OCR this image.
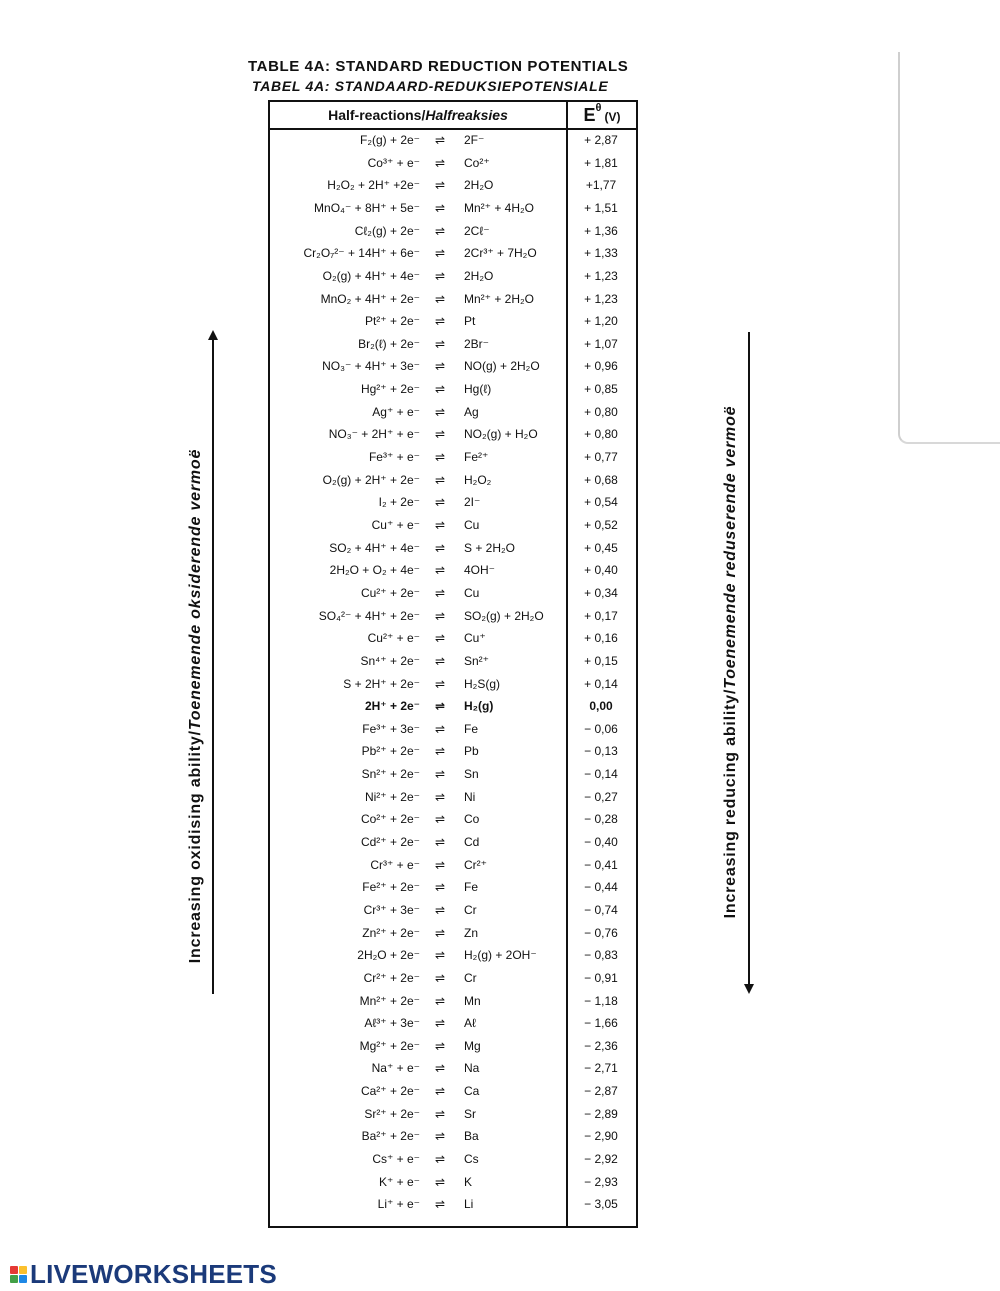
TABLE 4A: STANDARD REDUCTION POTENTIALS
TABEL 4A: STANDAARD-REDUKSIEPOTENSIALE
Half-reactions/ Halfreaksies	E θ
(V)
F₂(g) + 2e⁻	⇌	2F⁻	+ 2,87
Co³⁺ + e⁻	⇌	Co²⁺	+ 1,81
H₂O₂ + 2H⁺ +2e⁻	⇌	2H₂O	+1,77
MnO₄⁻ + 8H⁺ + 5e⁻	⇌	Mn²⁺ + 4H₂O	+ 1,51
Cℓ₂(g) + 2e⁻	⇌	2Cℓ⁻	+ 1,36
Cr₂O₇²⁻ + 14H⁺ + 6e⁻	⇌	2Cr³⁺ + 7H₂O	+ 1,33
O₂(g) + 4H⁺ + 4e⁻	⇌	2H₂O	+ 1,23
MnO₂ + 4H⁺ + 2e⁻	⇌	Mn²⁺ + 2H₂O	+ 1,23
Pt²⁺ + 2e⁻	⇌	Pt	+ 1,20
Br₂(ℓ) + 2e⁻	⇌	2Br⁻	+ 1,07
NO₃⁻ + 4H⁺ + 3e⁻	⇌	NO(g) + 2H₂O	+ 0,96
Hg²⁺ + 2e⁻	⇌	Hg(ℓ)	+ 0,85
Ag⁺ + e⁻	⇌	Ag	+ 0,80
NO₃⁻ + 2H⁺ + e⁻	⇌	NO₂(g) + H₂O	+ 0,80
Fe³⁺ + e⁻	⇌	Fe²⁺	+ 0,77
O₂(g) + 2H⁺ + 2e⁻	⇌	H₂O₂	+ 0,68
I₂ + 2e⁻	⇌	2I⁻	+ 0,54
Cu⁺ + e⁻	⇌	Cu	+ 0,52
SO₂ + 4H⁺ + 4e⁻	⇌	S + 2H₂O	+ 0,45
2H₂O + O₂ + 4e⁻	⇌	4OH⁻	+ 0,40
Cu²⁺ + 2e⁻	⇌	Cu	+ 0,34
SO₄²⁻ + 4H⁺ + 2e⁻	⇌	SO₂(g) + 2H₂O	+ 0,17
Cu²⁺ + e⁻	⇌	Cu⁺	+ 0,16
Sn⁴⁺ + 2e⁻	⇌	Sn²⁺	+ 0,15
S + 2H⁺ + 2e⁻	⇌	H₂S(g)	+ 0,14
2H⁺ + 2e⁻	⇌	H₂(g)	0,00
Fe³⁺ + 3e⁻	⇌	Fe	− 0,06
Pb²⁺ + 2e⁻	⇌	Pb	− 0,13
Sn²⁺ + 2e⁻	⇌	Sn	− 0,14
Ni²⁺ + 2e⁻	⇌	Ni	− 0,27
Co²⁺ + 2e⁻	⇌	Co	− 0,28
Cd²⁺ + 2e⁻	⇌	Cd	− 0,40
Cr³⁺ + e⁻	⇌	Cr²⁺	− 0,41
Fe²⁺ + 2e⁻	⇌	Fe	− 0,44
Cr³⁺ + 3e⁻	⇌	Cr	− 0,74
Zn²⁺ + 2e⁻	⇌	Zn	− 0,76
2H₂O + 2e⁻	⇌	H₂(g) + 2OH⁻	− 0,83
Cr²⁺ + 2e⁻	⇌	Cr	− 0,91
Mn²⁺ + 2e⁻	⇌	Mn	− 1,18
Aℓ³⁺ + 3e⁻	⇌	Aℓ	− 1,66
Mg²⁺ + 2e⁻	⇌	Mg	− 2,36
Na⁺ + e⁻	⇌	Na	− 2,71
Ca²⁺ + 2e⁻	⇌	Ca	− 2,87
Sr²⁺ + 2e⁻	⇌	Sr	− 2,89
Ba²⁺ + 2e⁻	⇌	Ba	− 2,90
Cs⁺ + e⁻	⇌	Cs	− 2,92
K⁺ + e⁻	⇌	K	− 2,93
Li⁺ + e⁻	⇌	Li	− 3,05
Increasing oxidising ability/Toenemende oksiderende vermoë
Increasing reducing ability/Toenemende reduserende vermoë
LIVEWORKSHEETS
